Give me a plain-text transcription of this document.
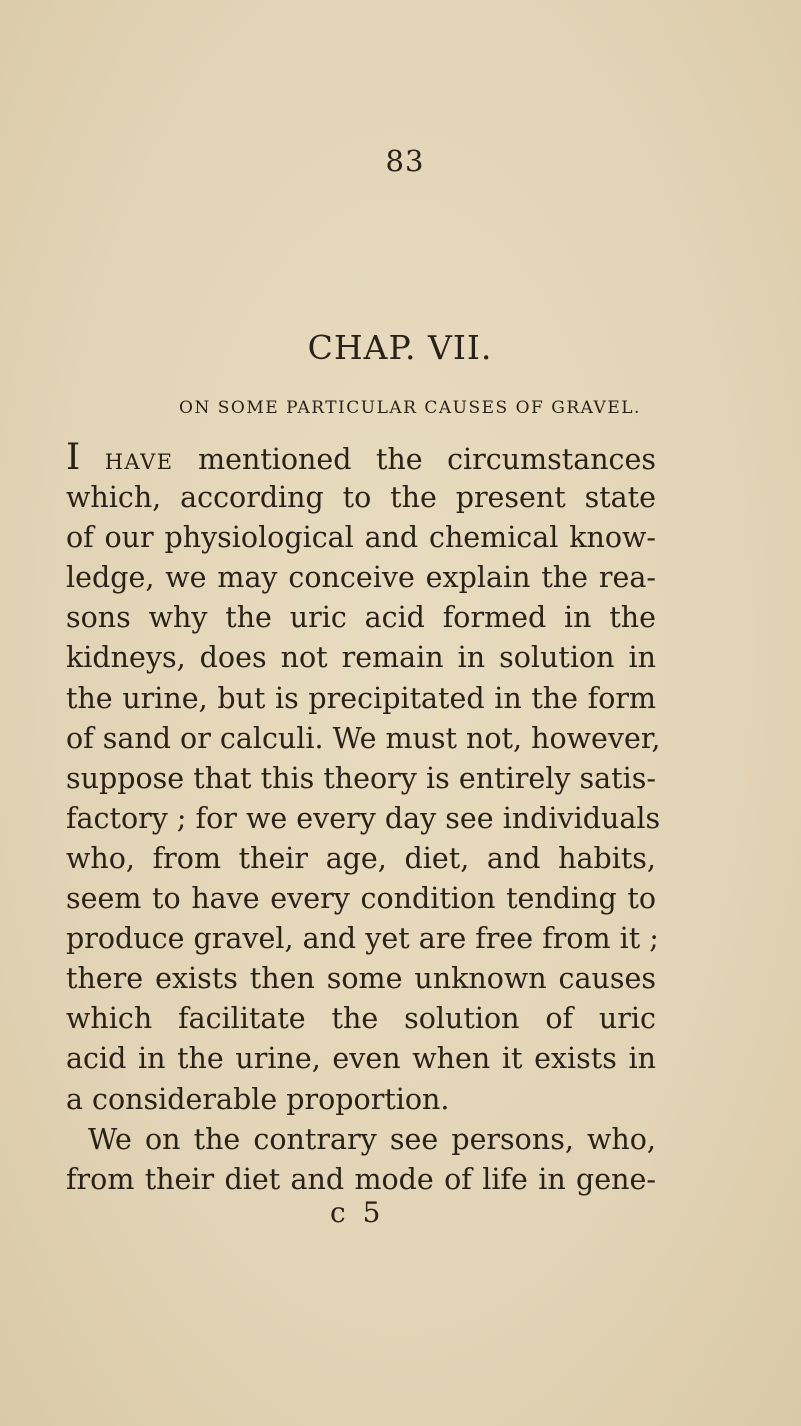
83
CHAP. VII.
ON SOME PARTICULAR CAUSES OF GRAVEL.
I HAVE mentioned the circumstances
which, according to the present state
of our physiological and chemical know-
ledge, we may conceive explain the rea-
sons why the uric acid formed in the
kidneys, does not remain in solution in
the urine, but is precipitated in the form
of sand or calculi. We must not, however,
suppose that this theory is entirely satis-
factory ; for we every day see individuals
who, from their age, diet, and habits,
seem to have every condition tending to
produce gravel, and yet are free from it ;
there exists then some unknown causes
which facilitate the solution of uric
acid in the urine, even when it exists in
a considerable proportion.
We on the contrary see persons, who,
from their diet and mode of life in gene-
c 5
